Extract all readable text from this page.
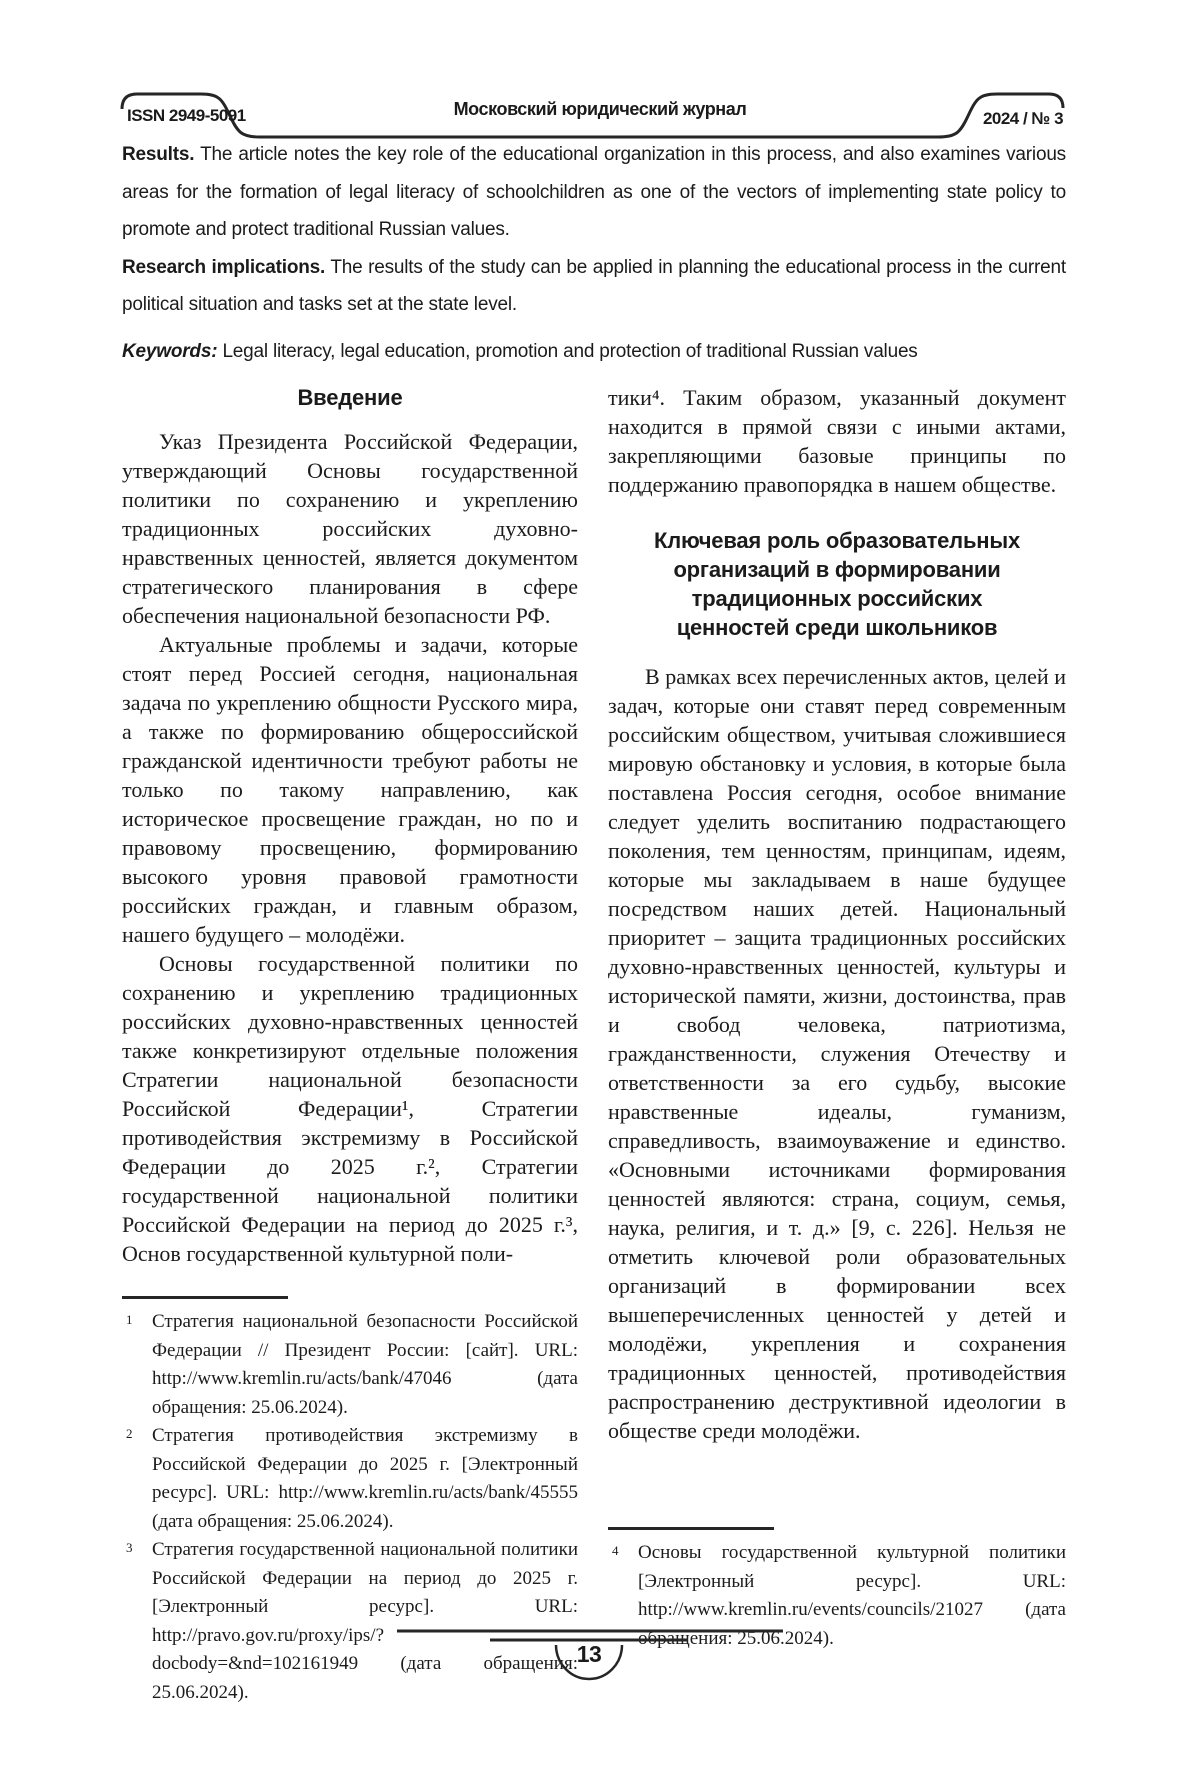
ISSN 2949-5091	Московский юридический журнал	2024 / № 3

Results. The article notes the key role of the educational organization in this process, and also examines various areas for the formation of legal literacy of schoolchildren as one of the vectors of implementing state policy to promote and protect traditional Russian values.

Research implications. The results of the study can be applied in planning the educational process in the current political situation and tasks set at the state level.

Keywords: Legal literacy, legal education, promotion and protection of traditional Russian values

Введение

Указ Президента Российской Федерации, утверждающий Основы государственной политики по сохранению и укреплению традиционных российских духовно-нравственных ценностей, является документом стратегического планирования в сфере обеспечения национальной безопасности РФ.

Актуальные проблемы и задачи, которые стоят перед Россией сегодня, национальная задача по укреплению общности Русского мира, а также по формированию общероссийской гражданской идентичности требуют работы не только по такому направлению, как историческое просвещение граждан, но по и правовому просвещению, формированию высокого уровня правовой грамотности российских граждан, и главным образом, нашего будущего – молодёжи.

Основы государственной политики по сохранению и укреплению традиционных российских духовно-нравственных ценностей также конкретизируют отдельные положения Стратегии национальной безопасности Российской Федерации¹, Стратегии противодействия экстремизму в Российской Федерации до 2025 г.², Стратегии государственной национальной политики Российской Федерации на период до 2025 г.³, Основ государственной культурной поли-

тики⁴. Таким образом, указанный документ находится в прямой связи с иными актами, закрепляющими базовые принципы по поддержанию правопорядка в нашем обществе.

Ключевая роль образовательных организаций в формировании традиционных российских ценностей среди школьников

В рамках всех перечисленных актов, целей и задач, которые они ставят перед современным российским обществом, учитывая сложившиеся мировую обстановку и условия, в которые была поставлена Россия сегодня, особое внимание следует уделить воспитанию подрастающего поколения, тем ценностям, принципам, идеям, которые мы закладываем в наше будущее посредством наших детей. Национальный приоритет – защита традиционных российских духовно-нравственных ценностей, культуры и исторической памяти, жизни, достоинства, прав и свобод человека, патриотизма, гражданственности, служения Отечеству и ответственности за его судьбу, высокие нравственные идеалы, гуманизм, справедливость, взаимоуважение и единство. «Основными источниками формирования ценностей являются: страна, социум, семья, наука, религия, и т. д.» [9, с. 226]. Нельзя не отметить ключевой роли образовательных организаций в формировании всех вышеперечисленных ценностей у детей и молодёжи, укрепления и сохранения традиционных ценностей, противодействия распространению деструктивной идеологии в обществе среди молодёжи.

1 Стратегия национальной безопасности Российской Федерации // Президент России: [сайт]. URL: http://www.kremlin.ru/acts/bank/47046 (дата обращения: 25.06.2024).
2 Стратегия противодействия экстремизму в Российской Федерации до 2025 г. [Электронный ресурс]. URL: http://www.kremlin.ru/acts/bank/45555 (дата обращения: 25.06.2024).
3 Стратегия государственной национальной политики Российской Федерации на период до 2025 г. [Электронный ресурс]. URL: http://pravo.gov.ru/proxy/ips/?docbody=&nd=102161949 (дата обращения: 25.06.2024).
4 Основы государственной культурной политики [Электронный ресурс]. URL: http://www.kremlin.ru/events/councils/21027 (дата обращения: 25.06.2024).
13
